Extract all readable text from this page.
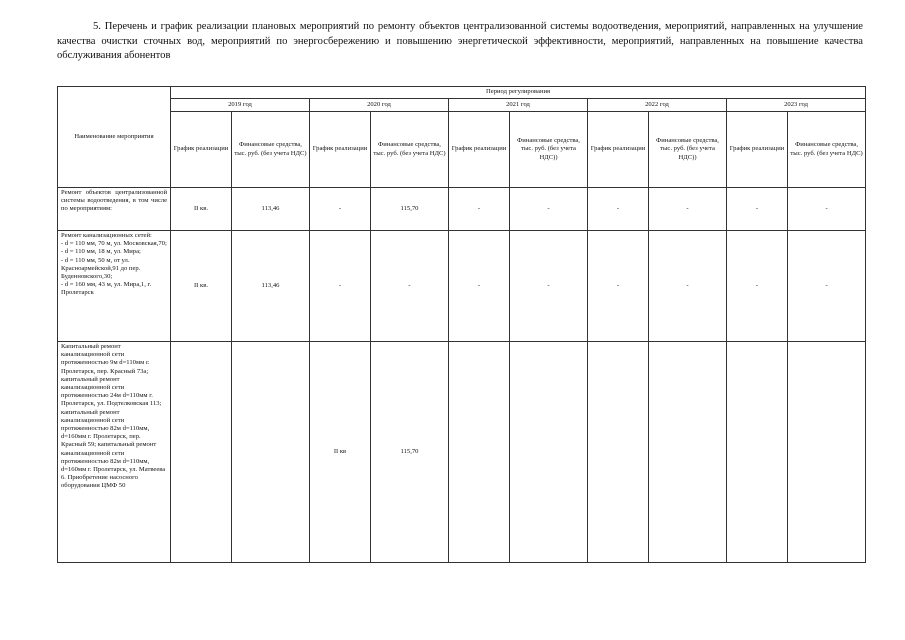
5. Перечень и график реализации плановых мероприятий по ремонту объектов централизованной системы водоотведения, мероприятий, направленных на улучшение качества очистки сточных вод, мероприятий по энергосбережению и повышению энергетической эффективности, мероприятий, направленных на повышение качества обслуживания абонентов
Наименование мероприятия	Период регулирования									
	2019 год		2020 год		2021 год		2022 год		2023 год	
	График реализации	Финансовые средства, тыс. руб. (без учета НДС)	График реализации	Финансовые средства, тыс. руб. (без учета НДС)	График реализации	Финансовые средства, тыс. руб. (без учета НДС))	График реализации	Финансовые средства, тыс. руб. (без учета НДС))	График реализации	Финансовые средства, тыс. руб. (без учета НДС)
Ремонт объектов централизованной системы водоотведения, в том числе по мероприятиям:	II кв.	113,46	-	115,70	-	-	-	-	-	-

Ремонт канализационных сетей:
- d = 110 мм, 70 м, ул. Московская,70;
- d = 110 мм, 18 м, ул. Мира;
- d = 110 мм, 50 м, от ул. Красноармейской,91 до пер. Буденновского,30;
- d = 160 мм, 43 м, ул. Мира,1, г. Пролетарск	II кв.	113,46	-	-	-	-	-	-	-	-
Капитальный ремонт канализационной сети протяженностью 9м d=110мм г. Пролетарск, пер. Красный 73а; капитальный ремонт канализационной сети протяженностью 24м d=110мм г. Пролетарск, ул. Подтелковская 113; капитальный ремонт канализационной сети протяженностью 82м d=110мм, d=160мм г. Пролетарск, пер. Красный 59; капитальный ремонт канализационной сети протяженностью 82м d=110мм, d=160мм г. Пролетарск, ул. Матвеева 6. Приобретение насосного оборудования ЦМФ 50			II кв	115,70						
